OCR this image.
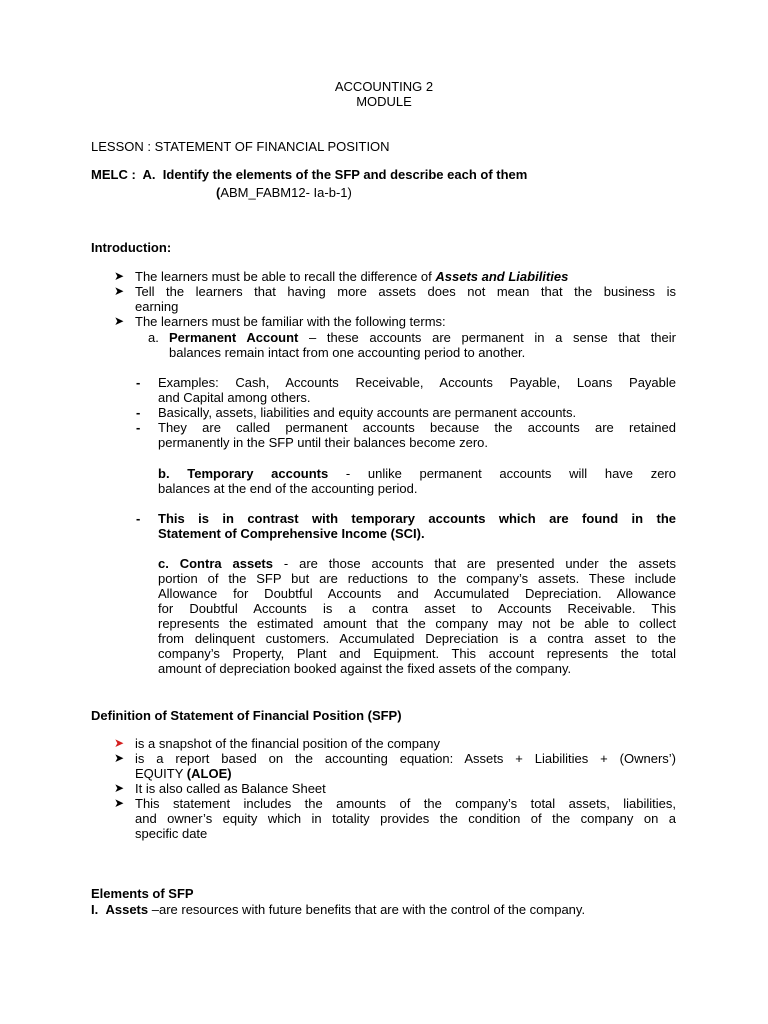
ACCOUNTING 2
MODULE
LESSON : STATEMENT OF FINANCIAL POSITION
MELC : A. Identify the elements of the SFP and describe each of them
(ABM_FABM12- Ia-b-1)
Introduction:
➤ The learners must be able to recall the difference of Assets and Liabilities
➤ Tell the learners that having more assets does not mean that the business is
earning
➤ The learners must be familiar with the following terms:
a. Permanent Account – these accounts are permanent in a sense that their
balances remain intact from one accounting period to another.
- Examples: Cash, Accounts Receivable, Accounts Payable, Loans Payable
and Capital among others.
- Basically, assets, liabilities and equity accounts are permanent accounts.
- They are called permanent accounts because the accounts are retained
permanently in the SFP until their balances become zero.
b. Temporary accounts - unlike permanent accounts will have zero
balances at the end of the accounting period.
- This is in contrast with temporary accounts which are found in the
Statement of Comprehensive Income (SCI).
c. Contra assets - are those accounts that are presented under the assets
portion of the SFP but are reductions to the company’s assets. These include
Allowance for Doubtful Accounts and Accumulated Depreciation. Allowance
for Doubtful Accounts is a contra asset to Accounts Receivable. This
represents the estimated amount that the company may not be able to collect
from delinquent customers. Accumulated Depreciation is a contra asset to the
company’s Property, Plant and Equipment. This account represents the total
amount of depreciation booked against the fixed assets of the company.
Definition of Statement of Financial Position (SFP)
➤ is a snapshot of the financial position of the company
➤ is a report based on the accounting equation: Assets + Liabilities + (Owners’)
EQUITY (ALOE)
➤ It is also called as Balance Sheet
➤ This statement includes the amounts of the company’s total assets, liabilities,
and owner’s equity which in totality provides the condition of the company on a
specific date
Elements of SFP
I. Assets –are resources with future benefits that are with the control of the company.
